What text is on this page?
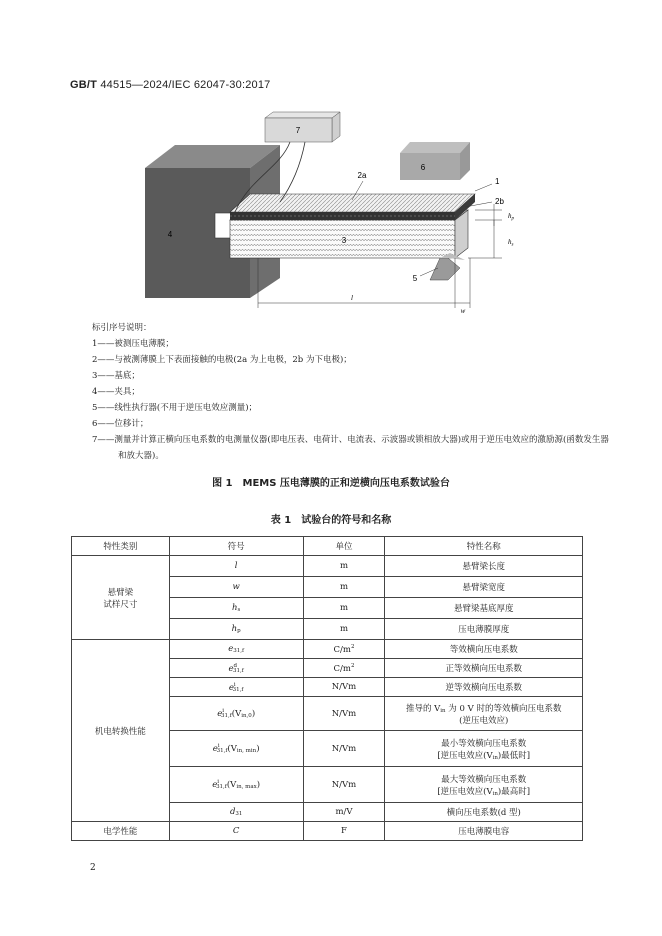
GB/T 44515—2024/IEC 62047-30:2017
7
6
2a
1
2b
3
4
5
$h_p$
$h_s$
l
w
标引序号说明：
1——被测压电薄膜；
2——与被测薄膜上下表面接触的电极(2a 为上电极，2b 为下电极)；
3——基底；
4——夹具；
5——线性执行器(不用于逆压电效应测量)；
6——位移计；
7——测量并计算正横向压电系数的电测量仪器(即电压表、电荷计、电流表、示波器或锁相放大器)或用于逆压电效应的激励源(函数发生器和放大器)。
图 1　MEMS 压电薄膜的正和逆横向压电系数试验台
表 1　试验台的符号和名称
特性类别	符号	单位	特性名称

悬臂梁
试样尺寸	l	m	悬臂梁长度
	w	m	悬臂梁宽度
	hs	m	悬臂梁基底厚度
	hp	m	压电薄膜厚度
机电转换性能	e31,f	$C/m^2$	等效横向压电系数
	$e^d31,f$	$C/m^2$	正等效横向压电系数
	$e^i31,f$	N/Vm	逆等效横向压电系数
	$e^i31,f(Vin,0)$	N/Vm	推导的 Vin 为 0 V 时的等效横向压电系数
(逆压电效应)

	$e^i31,f(Vin$, min)	N/Vm	最小等效横向压电系数
[逆压电效应(Vin)最低时]

	$e^i31,f(Vin$, max)	N/Vm	最大等效横向压电系数
[逆压电效应(Vin)最高时]

	d31	m/V	横向压电系数(d 型)
电学性能	C	F	压电薄膜电容
2
